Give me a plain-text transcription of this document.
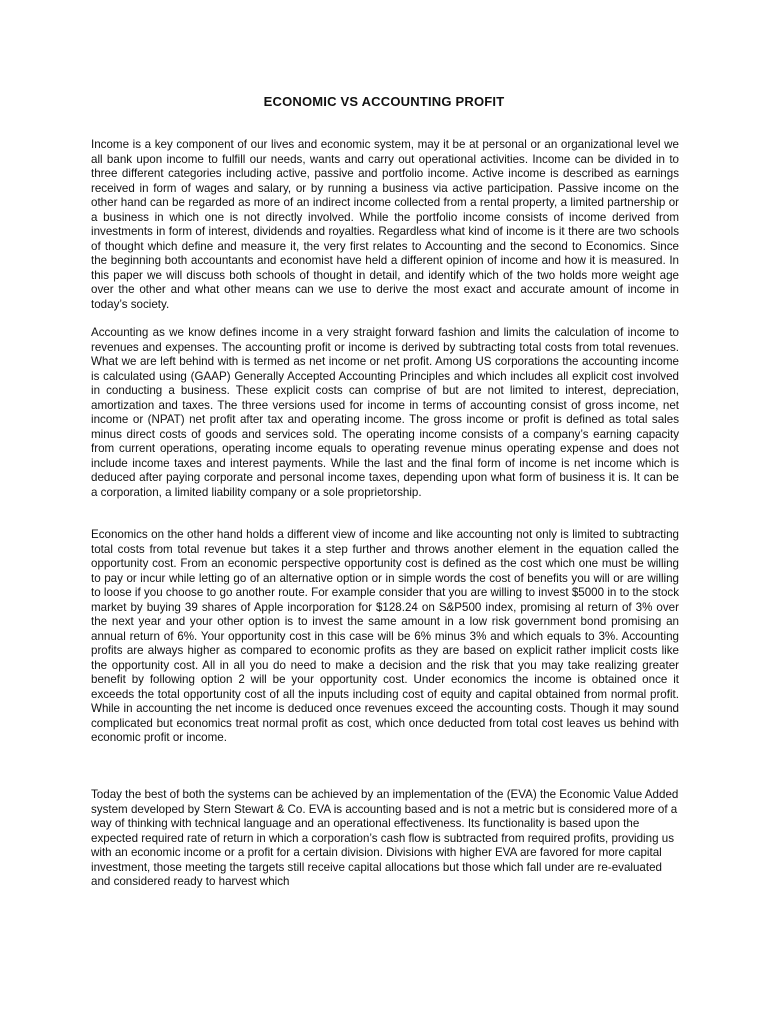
ECONOMIC VS ACCOUNTING PROFIT

Income is a key component of our lives and economic system, may it be at personal or an organizational level we all bank upon income to fulfill our needs, wants and carry out operational activities. Income can be divided in to three different categories including active, passive and portfolio income. Active income is described as earnings received in form of wages and salary, or by running a business via active participation. Passive income on the other hand can be regarded as more of an indirect income collected from a rental property, a limited partnership or a business in which one is not directly involved. While the portfolio income consists of income derived from investments in form of interest, dividends and royalties. Regardless what kind of income is it there are two schools of thought which define and measure it, the very first relates to Accounting and the second to Economics. Since the beginning both accountants and economist have held a different opinion of income and how it is measured. In this paper we will discuss both schools of thought in detail, and identify which of the two holds more weight age over the other and what other means can we use to derive the most exact and accurate amount of income in today’s society.

Accounting as we know defines income in a very straight forward fashion and limits the calculation of income to revenues and expenses. The accounting profit or income is derived by subtracting total costs from total revenues. What we are left behind with is termed as net income or net profit. Among US corporations the accounting income is calculated using (GAAP) Generally Accepted Accounting Principles and which includes all explicit cost involved in conducting a business. These explicit costs can comprise of but are not limited to interest, depreciation, amortization and taxes. The three versions used for income in terms of accounting consist of gross income, net income or (NPAT) net profit after tax and operating income. The gross income or profit is defined as total sales minus direct costs of goods and services sold. The operating income consists of a company’s earning capacity from current operations, operating income equals to operating revenue minus operating expense and does not include income taxes and interest payments. While the last and the final form of income is net income which is deduced after paying corporate and personal income taxes, depending upon what form of business it is. It can be a corporation, a limited liability company or a sole proprietorship.

Economics on the other hand holds a different view of income and like accounting not only is limited to subtracting total costs from total revenue but takes it a step further and throws another element in the equation called the opportunity cost. From an economic perspective opportunity cost is defined as the cost which one must be willing to pay or incur while letting go of an alternative option or in simple words the cost of benefits you will or are willing to loose if you choose to go another route. For example consider that you are willing to invest $5000 in to the stock market by buying 39 shares of Apple incorporation for $128.24 on S&P500 index, promising al return of 3% over the next year and your other option is to invest the same amount in a low risk government bond promising an annual return of 6%. Your opportunity cost in this case will be 6% minus 3% and which equals to 3%. Accounting profits are always higher as compared to economic profits as they are based on explicit rather implicit costs like the opportunity cost. All in all you do need to make a decision and the risk that you may take realizing greater benefit by following option 2 will be your opportunity cost. Under economics the income is obtained once it exceeds the total opportunity cost of all the inputs including cost of equity and capital obtained from normal profit. While in accounting the net income is deduced once revenues exceed the accounting costs. Though it may sound complicated but economics treat normal profit as cost, which once deducted from total cost leaves us behind with economic profit or income.

Today the best of both the systems can be achieved by an implementation of the (EVA) the Economic Value Added system developed by Stern Stewart & Co. EVA is accounting based and is not a metric but is considered more of a way of thinking with technical language and an operational effectiveness. Its functionality is based upon the expected required rate of return in which a corporation’s cash flow is subtracted from required profits, providing us with an economic income or a profit for a certain division. Divisions with higher EVA are favored for more capital investment, those meeting the targets still receive capital allocations but those which fall under are re-evaluated and considered ready to harvest which
